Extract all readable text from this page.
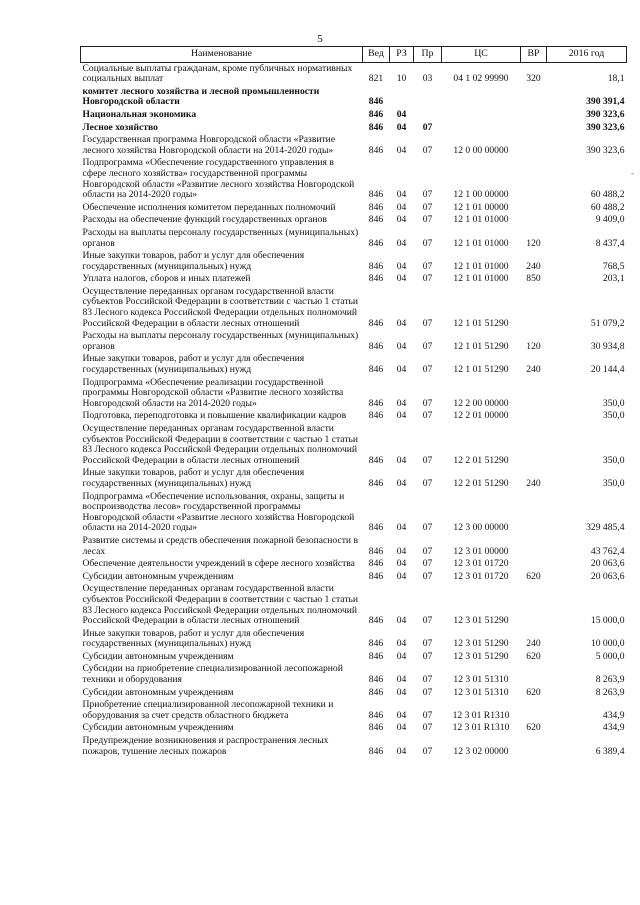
5
Наименование	Вед	РЗ	Пр	ЦС	ВР	2016 год
Социальные выплаты гражданам, кроме публичных нормативных социальных выплат	821	10	03	04 1 02 99990	320	18,1
комитет лесного хозяйства и лесной промышленности Новгородской области	846					390 391,4
Национальная экономика	846	04				390 323,6
Лесное хозяйство	846	04	07			390 323,6
Государственная программа Новгородской области «Развитие лесного хозяйства Новгородской области на 2014-2020 годы»	846	04	07	12 0 00 00000		390 323,6
Подпрограмма «Обеспечение государственного управления в сфере лесного хозяйства» государственной программы Новгородской области «Развитие лесного хозяйства Новгородской области на 2014-2020 годы»	846	04	07	12 1 00 00000		60 488,2
Обеспечение исполнения комитетом переданных полномочий	846	04	07	12 1 01 00000		60 488,2
Расходы на обеспечение функций государственных органов	846	04	07	12 1 01 01000		9 409,0
Расходы на выплаты персоналу государственных (муниципальных) органов	846	04	07	12 1 01 01000	120	8 437,4
Иные закупки товаров, работ и услуг для обеспечения государственных (муниципальных) нужд	846	04	07	12 1 01 01000	240	768,5
Уплата налогов, сборов и иных платежей	846	04	07	12 1 01 01000	850	203,1
Осуществление переданных органам государственной власти субъектов Российской Федерации в соответствии с частью 1 статьи 83 Лесного кодекса Российской Федерации отдельных полномочий Российской Федерации в области лесных отношений	846	04	07	12 1 01 51290		51 079,2
Расходы на выплаты персоналу государственных (муниципальных) органов	846	04	07	12 1 01 51290	120	30 934,8
Иные закупки товаров, работ и услуг для обеспечения государственных (муниципальных) нужд	846	04	07	12 1 01 51290	240	20 144,4
Подпрограмма «Обеспечение реализации государственной программы Новгородской области «Развитие лесного хозяйства Новгородской области на 2014-2020 годы»	846	04	07	12 2 00 00000		350,0
Подготовка, переподготовка и повышение квалификации кадров	846	04	07	12 2 01 00000		350,0
Осуществление переданных органам государственной власти субъектов Российской Федерации в соответствии с частью 1 статьи 83 Лесного кодекса Российской Федерации отдельных полномочий Российской Федерации в области лесных отношений	846	04	07	12 2 01 51290		350,0
Иные закупки товаров, работ и услуг для обеспечения государственных (муниципальных) нужд	846	04	07	12 2 01 51290	240	350,0
Подпрограмма «Обеспечение использования, охраны, защиты и воспроизводства лесов» государственной программы Новгородской области «Развитие лесного хозяйства Новгородской области на 2014-2020 годы»	846	04	07	12 3 00 00000		329 485,4
Развитие системы и средств обеспечения пожарной безопасности в лесах	846	04	07	12 3 01 00000		43 762,4
Обеспечение деятельности учреждений в сфере лесного хозяйства	846	04	07	12 3 01 01720		20 063,6
Субсидии автономным учреждениям	846	04	07	12 3 01 01720	620	20 063,6
Осуществление переданных органам государственной власти субъектов Российской Федерации в соответствии с частью 1 статьи 83 Лесного кодекса Российской Федерации отдельных полномочий Российской Федерации в области лесных отношений	846	04	07	12 3 01 51290		15 000,0
Иные закупки товаров, работ и услуг для обеспечения государственных (муниципальных) нужд	846	04	07	12 3 01 51290	240	10 000,0
Субсидии автономным учреждениям	846	04	07	12 3 01 51290	620	5 000,0
Субсидии на приобретение специализированной лесопожарной техники и оборудования	846	04	07	12 3 01 51310		8 263,9
Субсидии автономным учреждениям	846	04	07	12 3 01 51310	620	8 263,9
Приобретение специализированной лесопожарной техники и оборудования за счет средств областного бюджета	846	04	07	12 3 01 R1310		434,9
Субсидии автономным учреждениям	846	04	07	12 3 01 R1310	620	434,9
Предупреждение возникновения и распространения лесных пожаров, тушение лесных пожаров	846	04	07	12 3 02 00000		6 389,4
-
